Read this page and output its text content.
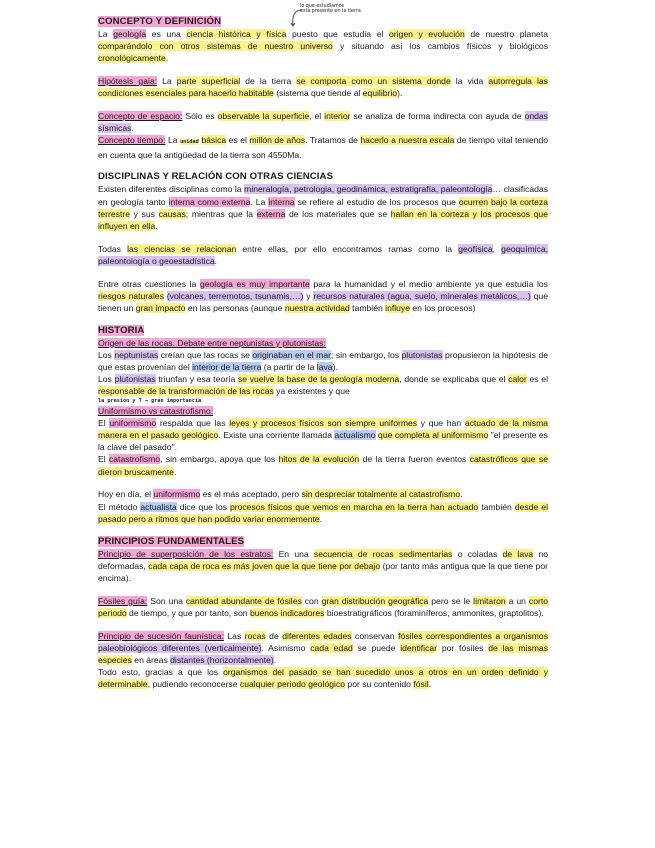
CONCEPTO Y DEFINICIÓN

La geología es una ciencia histórica y física puesto que estudia el origen y evolución de nuestro planeta comparándolo con otros sistemas de nuestro universo y situando así los cambios físicos y biológicos cronológicamente.

Hipótesis gaia: La parte superficial de la tierra se comporta como un sistema donde la vida autorregula las condiciones esenciales para hacerlo habitable (sistema que tiende al equilibrio).

Concepto de espacio: Sólo es observable la superficie, el interior se analiza de forma indirecta con ayuda de ondas sísmicas.

Concepto tiempo: La unidad básica es el millón de años. Tratamos de hacerlo a nuestra escala de tiempo vital teniendo en cuenta que la antigüedad de la tierra son 4550Ma.

DISCIPLINAS Y RELACIÓN CON OTRAS CIENCIAS

Existen diferentes disciplinas como la mineralogía, petrologia, geodinámica, estratigrafía, paleontología… clasificadas en geología tanto interna como externa. La interna se refiere al estudio de los procesos que ocurren bajo la corteza terrestre y sus causas; mientras que la externa de los materiales que se hallan en la corteza y los procesos que influyen en ella.

Todas las ciencias se relacionan entre ellas, por ello encontramos ramas como la geofísica, geoquímica, paleontología o geoestadística.

Entre otras cuestiones la geología es muy importante para la humanidad y el medio ambiente ya que estudia los riesgos naturales (volcanes, terremotos, tsunamis,…) y recursos naturales (agua, suelo, minerales metálicos,…) que tienen un gran impacto en las personas (aunque nuestra actividad también influye en los procesos)

HISTORIA

Origen de las rocas. Debate entre neptunistas y plutonistas:

Los neptunistas creían que las rocas se originaban en el mar; sin embargo, los plutonistas propusieron la hipótesis de que estas provenían del interior de la tierra (a partir de la lava).

Los plutonistas triunfan y esa teoría se vuelve la base de la geología moderna, donde se explicaba que el calor es el responsable de la transformación de las rocas ya existentes y que

la presión y T → gran importancia

Uniformismo vs catastrofismo:

El uniformismo respalda que las leyes y procesos físicos son siempre uniformes y que han actuado de la misma manera en el pasado geológico. Existe una corriente llamada actualismo que completa al uniformismo "el presente es la clave del pasado".

El catastrofismo, sin embargo, apoya que los hitos de la evolución de la tierra fueron eventos catastróficos que se dieron bruscamente.

Hoy en día, el uniformismo es el más aceptado, pero sin despreciar totalmente al catastrofismo.

El método actualista dice que los procesos físicos que vemos en marcha en la tierra han actuado también desde el pasado pero a ritmos que han podido variar enormemente.

PRINCIPIOS FUNDAMENTALES

Principio de superposición de los estratos: En una secuencia de rocas sedimentarias o coladas de lava no deformadas, cada capa de roca es más joven que la que tiene por debajo (por tanto más antigua que la que tiene por encima).

Fósiles guía: Son una cantidad abundante de fósiles con gran distribución geográfica pero se le limitaron a un corto periodo de tiempo, y que por tanto, son buenos indicadores bioestratigráficos (foraminíferos, ammonites, graptolitos).

Principio de sucesión faunística: Las rocas de diferentes edades conservan fósiles correspondientes a organismos paleobiológicos diferentes (verticalmente). Asimismo cada edad se puede identificar por fósiles de las mismas especies en áreas distantes (horizontalmente).

Todo esto, gracias a que los organismos del pasado se han sucedido unos a otros en un orden definido y determinable, pudiendo reconocerse cualquier periodo geológico por su contenido fósil.

lo que estudiamos
está presente en la tierra
